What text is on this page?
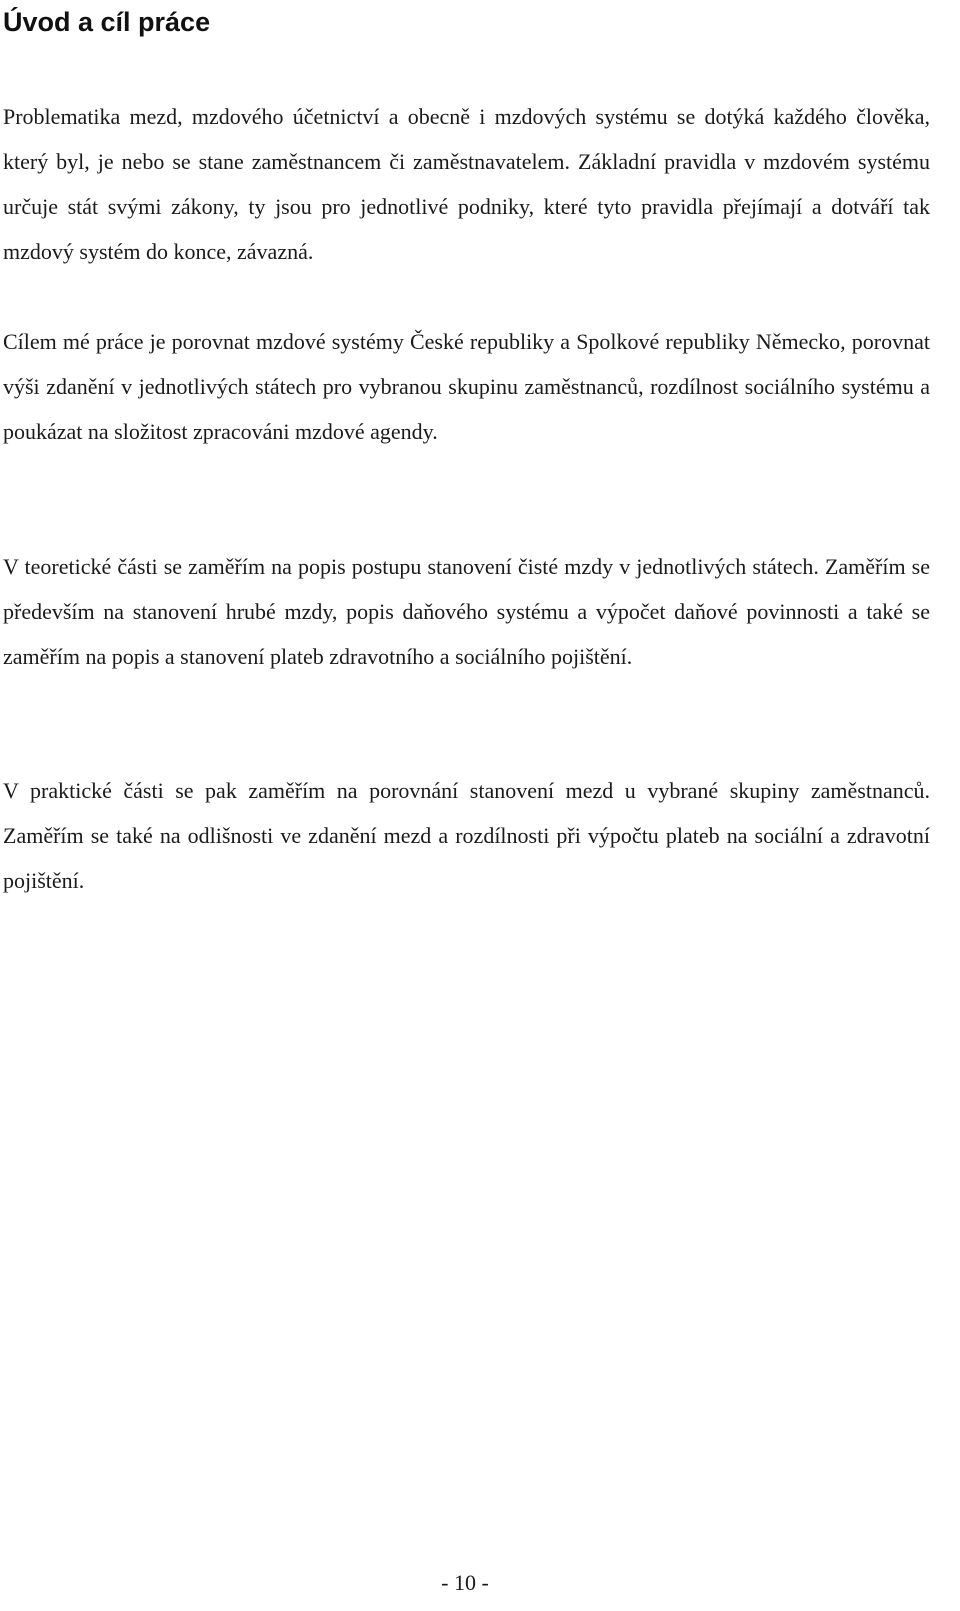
Úvod a cíl práce

Problematika mezd, mzdového účetnictví a obecně i mzdových systému se dotýká každého člověka, který byl, je nebo se stane zaměstnancem či zaměstnavatelem. Základní pravidla v mzdovém systému určuje stát svými zákony, ty jsou pro jednotlivé podniky, které tyto pravidla přejímají a dotváří tak mzdový systém do konce, závazná.

Cílem mé práce je porovnat mzdové systémy České republiky a Spolkové republiky Německo, porovnat výši zdanění v jednotlivých státech pro vybranou skupinu zaměstnanců, rozdílnost sociálního systému a poukázat na složitost zpracováni mzdové agendy.

V teoretické části se zaměřím na popis postupu stanovení čisté mzdy v jednotlivých státech. Zaměřím se především na stanovení hrubé mzdy, popis daňového systému a výpočet daňové povinnosti a také se zaměřím na popis a stanovení plateb zdravotního a sociálního pojištění.

V praktické části se pak zaměřím na porovnání stanovení mezd u vybrané skupiny zaměstnanců. Zaměřím se také na odlišnosti ve zdanění mezd a rozdílnosti při výpočtu plateb na sociální a zdravotní pojištění.

- 10 -
